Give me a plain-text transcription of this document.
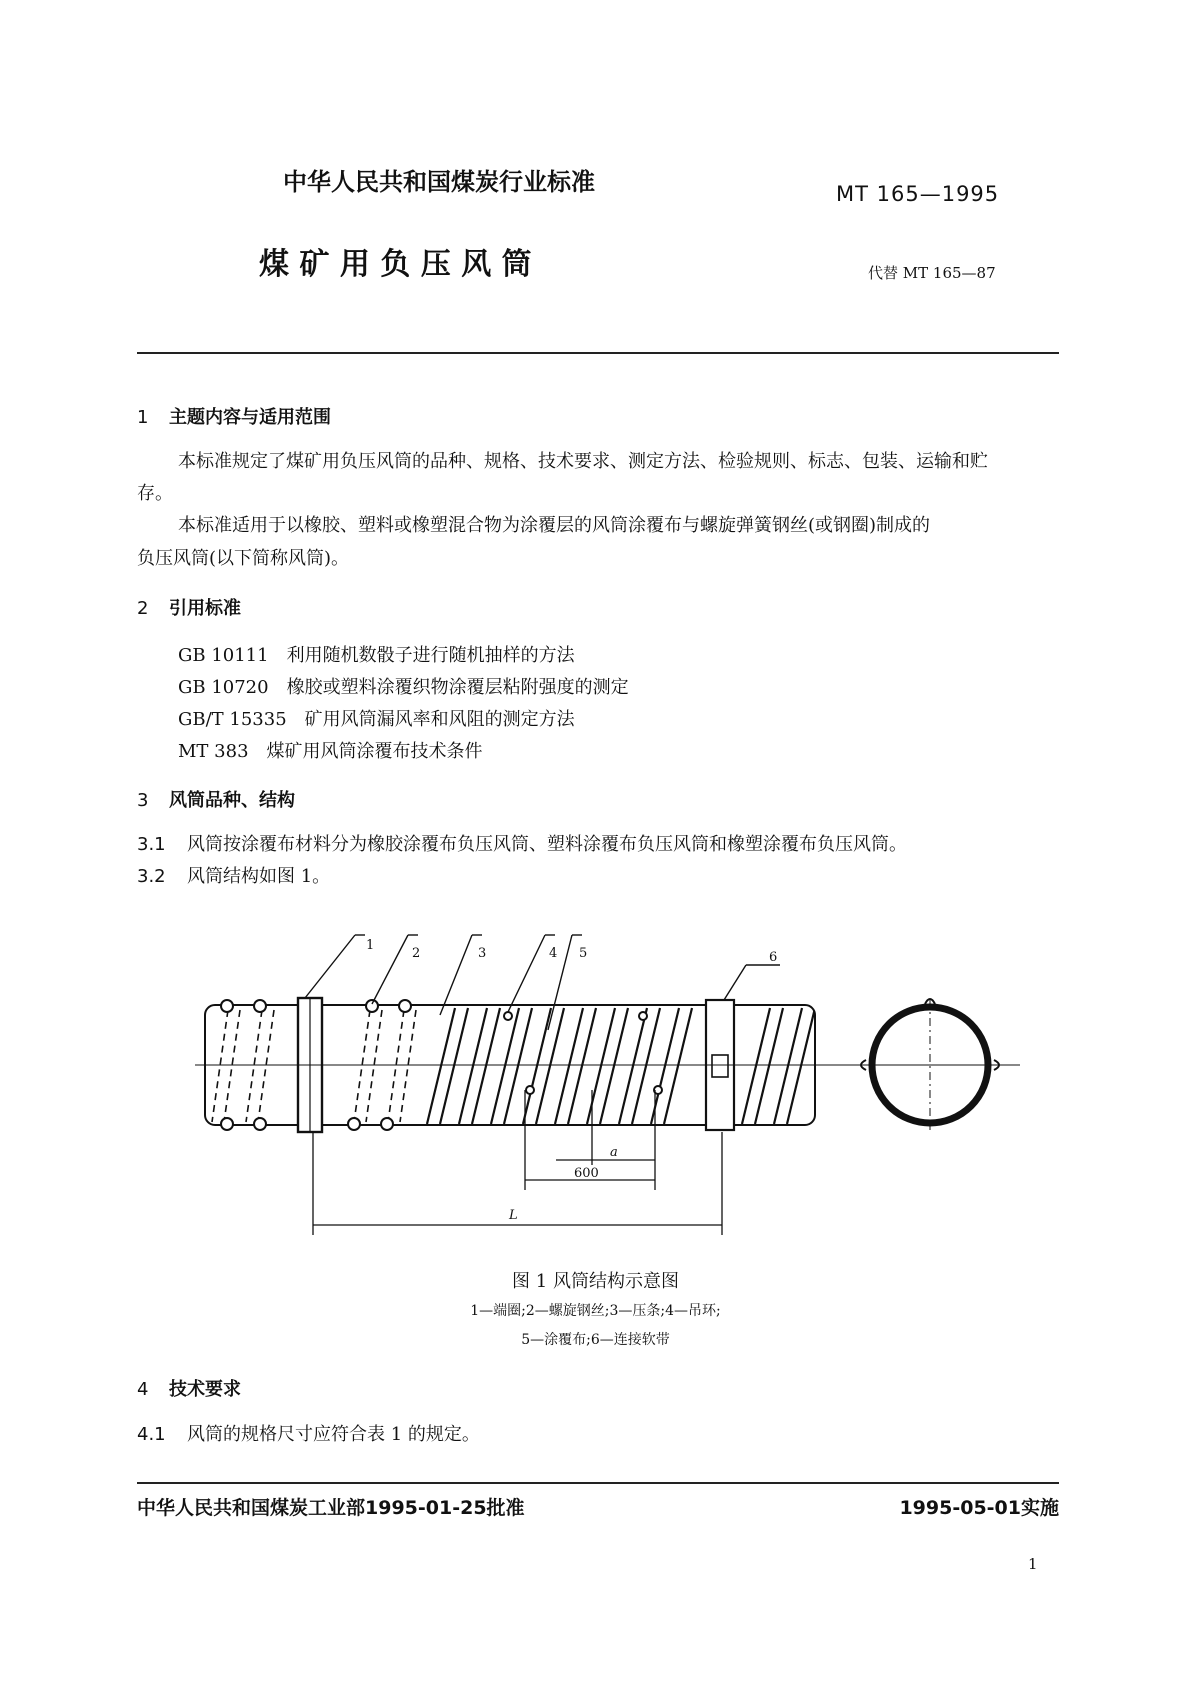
中华人民共和国煤炭行业标准	MT 165—1995
煤 矿 用 负 压 风 筒	代替 MT 165—87
1 主题内容与适用范围
本标准规定了煤矿用负压风筒的品种、规格、技术要求、测定方法、检验规则、标志、包装、运输和贮
存。
本标准适用于以橡胶、塑料或橡塑混合物为涂覆层的风筒涂覆布与螺旋弹簧钢丝(或钢圈)制成的
负压风筒(以下简称风筒)。
2 引用标准
GB 10111 利用随机数骰子进行随机抽样的方法
GB 10720 橡胶或塑料涂覆织物涂覆层粘附强度的测定
GB/T 15335 矿用风筒漏风率和风阻的测定方法
MT 383 煤矿用风筒涂覆布技术条件
3 风筒品种、结构
3.1 风筒按涂覆布材料分为橡胶涂覆布负压风筒、塑料涂覆布负压风筒和橡塑涂覆布负压风筒。
3.2 风筒结构如图 1。
1
2	3	4 5	6
a
600
L
图 1 风筒结构示意图
1—端圈;2—螺旋钢丝;3—压条;4—吊环;
5—涂覆布;6—连接软带
4 技术要求
4.1 风筒的规格尺寸应符合表 1 的规定。
中华人民共和国煤炭工业部1995-01-25批准	1995-05-01实施
1
